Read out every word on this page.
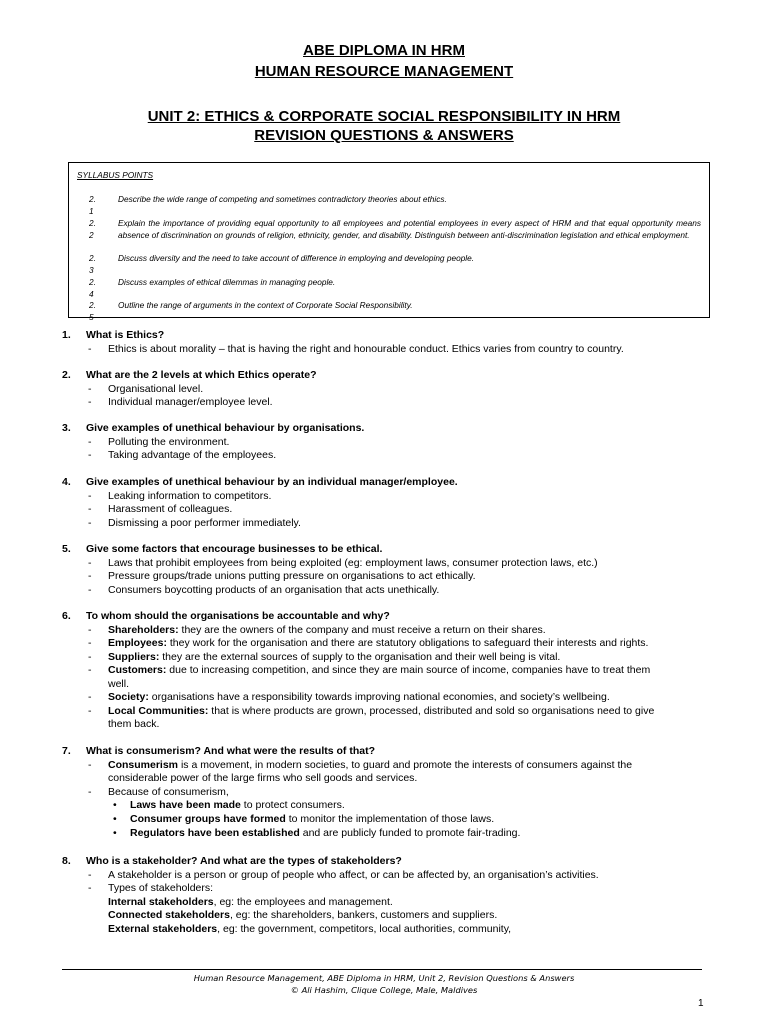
ABE DIPLOMA IN HRM
HUMAN RESOURCE MANAGEMENT
UNIT 2: ETHICS & CORPORATE SOCIAL RESPONSIBILITY IN HRM
REVISION QUESTIONS & ANSWERS
SYLLABUS POINTS
2.
1
Describe the wide range of competing and sometimes contradictory theories about ethics.
2.
2
Explain the importance of providing equal opportunity to all employees and potential employees in every aspect of HRM and that equal opportunity means absence of discrimination on grounds of religion, ethnicity, gender, and disability. Distinguish between anti-discrimination legislation and ethical employment.
2.
3
Discuss diversity and the need to take account of difference in employing and developing people.
2.
4
Discuss examples of ethical dilemmas in managing people.
2.
5
Outline the range of arguments in the context of Corporate Social Responsibility.
1. What is Ethics?
- Ethics is about morality – that is having the right and honourable conduct. Ethics varies from country to country.
2. What are the 2 levels at which Ethics operate?
- Organisational level.
- Individual manager/employee level.
3. Give examples of unethical behaviour by organisations.
- Polluting the environment.
- Taking advantage of the employees.
4. Give examples of unethical behaviour by an individual manager/employee.
- Leaking information to competitors.
- Harassment of colleagues.
- Dismissing a poor performer immediately.
5. Give some factors that encourage businesses to be ethical.
- Laws that prohibit employees from being exploited (eg: employment laws, consumer protection laws, etc.)
- Pressure groups/trade unions putting pressure on organisations to act ethically.
- Consumers boycotting products of an organisation that acts unethically.
6. To whom should the organisations be accountable and why?
- Shareholders: they are the owners of the company and must receive a return on their shares.
- Employees: they work for the organisation and there are statutory obligations to safeguard their interests and rights.
- Suppliers: they are the external sources of supply to the organisation and their well being is vital.
- Customers: due to increasing competition, and since they are main source of income, companies have to treat them
well.
- Society: organisations have a responsibility towards improving national economies, and society’s wellbeing.
- Local Communities: that is where products are grown, processed, distributed and sold so organisations need to give
them back.
7. What is consumerism? And what were the results of that?
- Consumerism is a movement, in modern societies, to guard and promote the interests of consumers against the
considerable power of the large firms who sell goods and services.
- Because of consumerism,
• Laws have been made to protect consumers.
• Consumer groups have formed to monitor the implementation of those laws.
• Regulators have been established and are publicly funded to promote fair-trading.
8. Who is a stakeholder? And what are the types of stakeholders?
- A stakeholder is a person or group of people who affect, or can be affected by, an organisation’s activities.
- Types of stakeholders:
Internal stakeholders, eg: the employees and management.
Connected stakeholders, eg: the shareholders, bankers, customers and suppliers.
External stakeholders, eg: the government, competitors, local authorities, community,
Human Resource Management, ABE Diploma in HRM, Unit 2, Revision Questions & Answers
© Ali Hashim, Clique College, Male, Maldives
1
